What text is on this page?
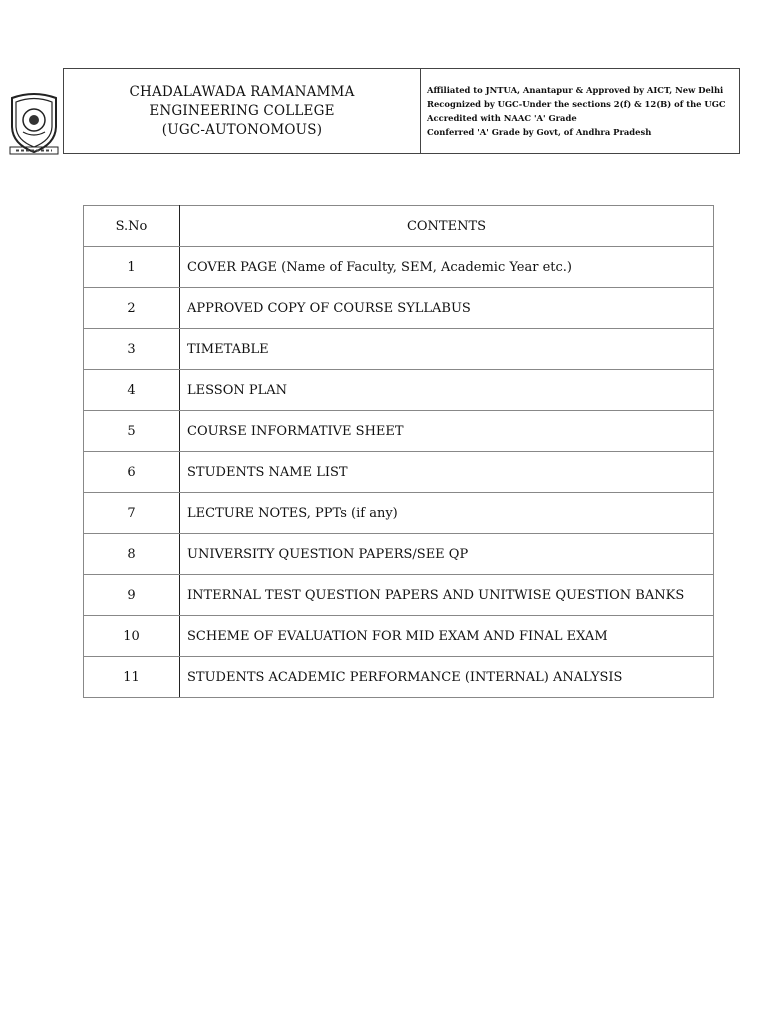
CHADALAWADA RAMANAMMA
ENGINEERING COLLEGE
(UGC-AUTONOMOUS)
Affiliated to JNTUA, Anantapur & Approved by AICT, New Delhi
Recognized by UGC-Under the sections 2(f) & 12(B) of the UGC
Accredited with NAAC 'A' Grade
Conferred 'A' Grade by Govt, of Andhra Pradesh
S.No	CONTENTS
1	COVER PAGE (Name of Faculty, SEM, Academic Year etc.)
2	APPROVED COPY OF COURSE SYLLABUS
3	TIMETABLE
4	LESSON PLAN
5	COURSE INFORMATIVE SHEET
6	STUDENTS NAME LIST
7	LECTURE NOTES, PPTs (if any)
8	UNIVERSITY QUESTION PAPERS/SEE QP
9	INTERNAL TEST QUESTION PAPERS AND UNITWISE QUESTION BANKS
10	SCHEME OF EVALUATION FOR MID EXAM AND FINAL EXAM
11	STUDENTS ACADEMIC PERFORMANCE (INTERNAL) ANALYSIS
